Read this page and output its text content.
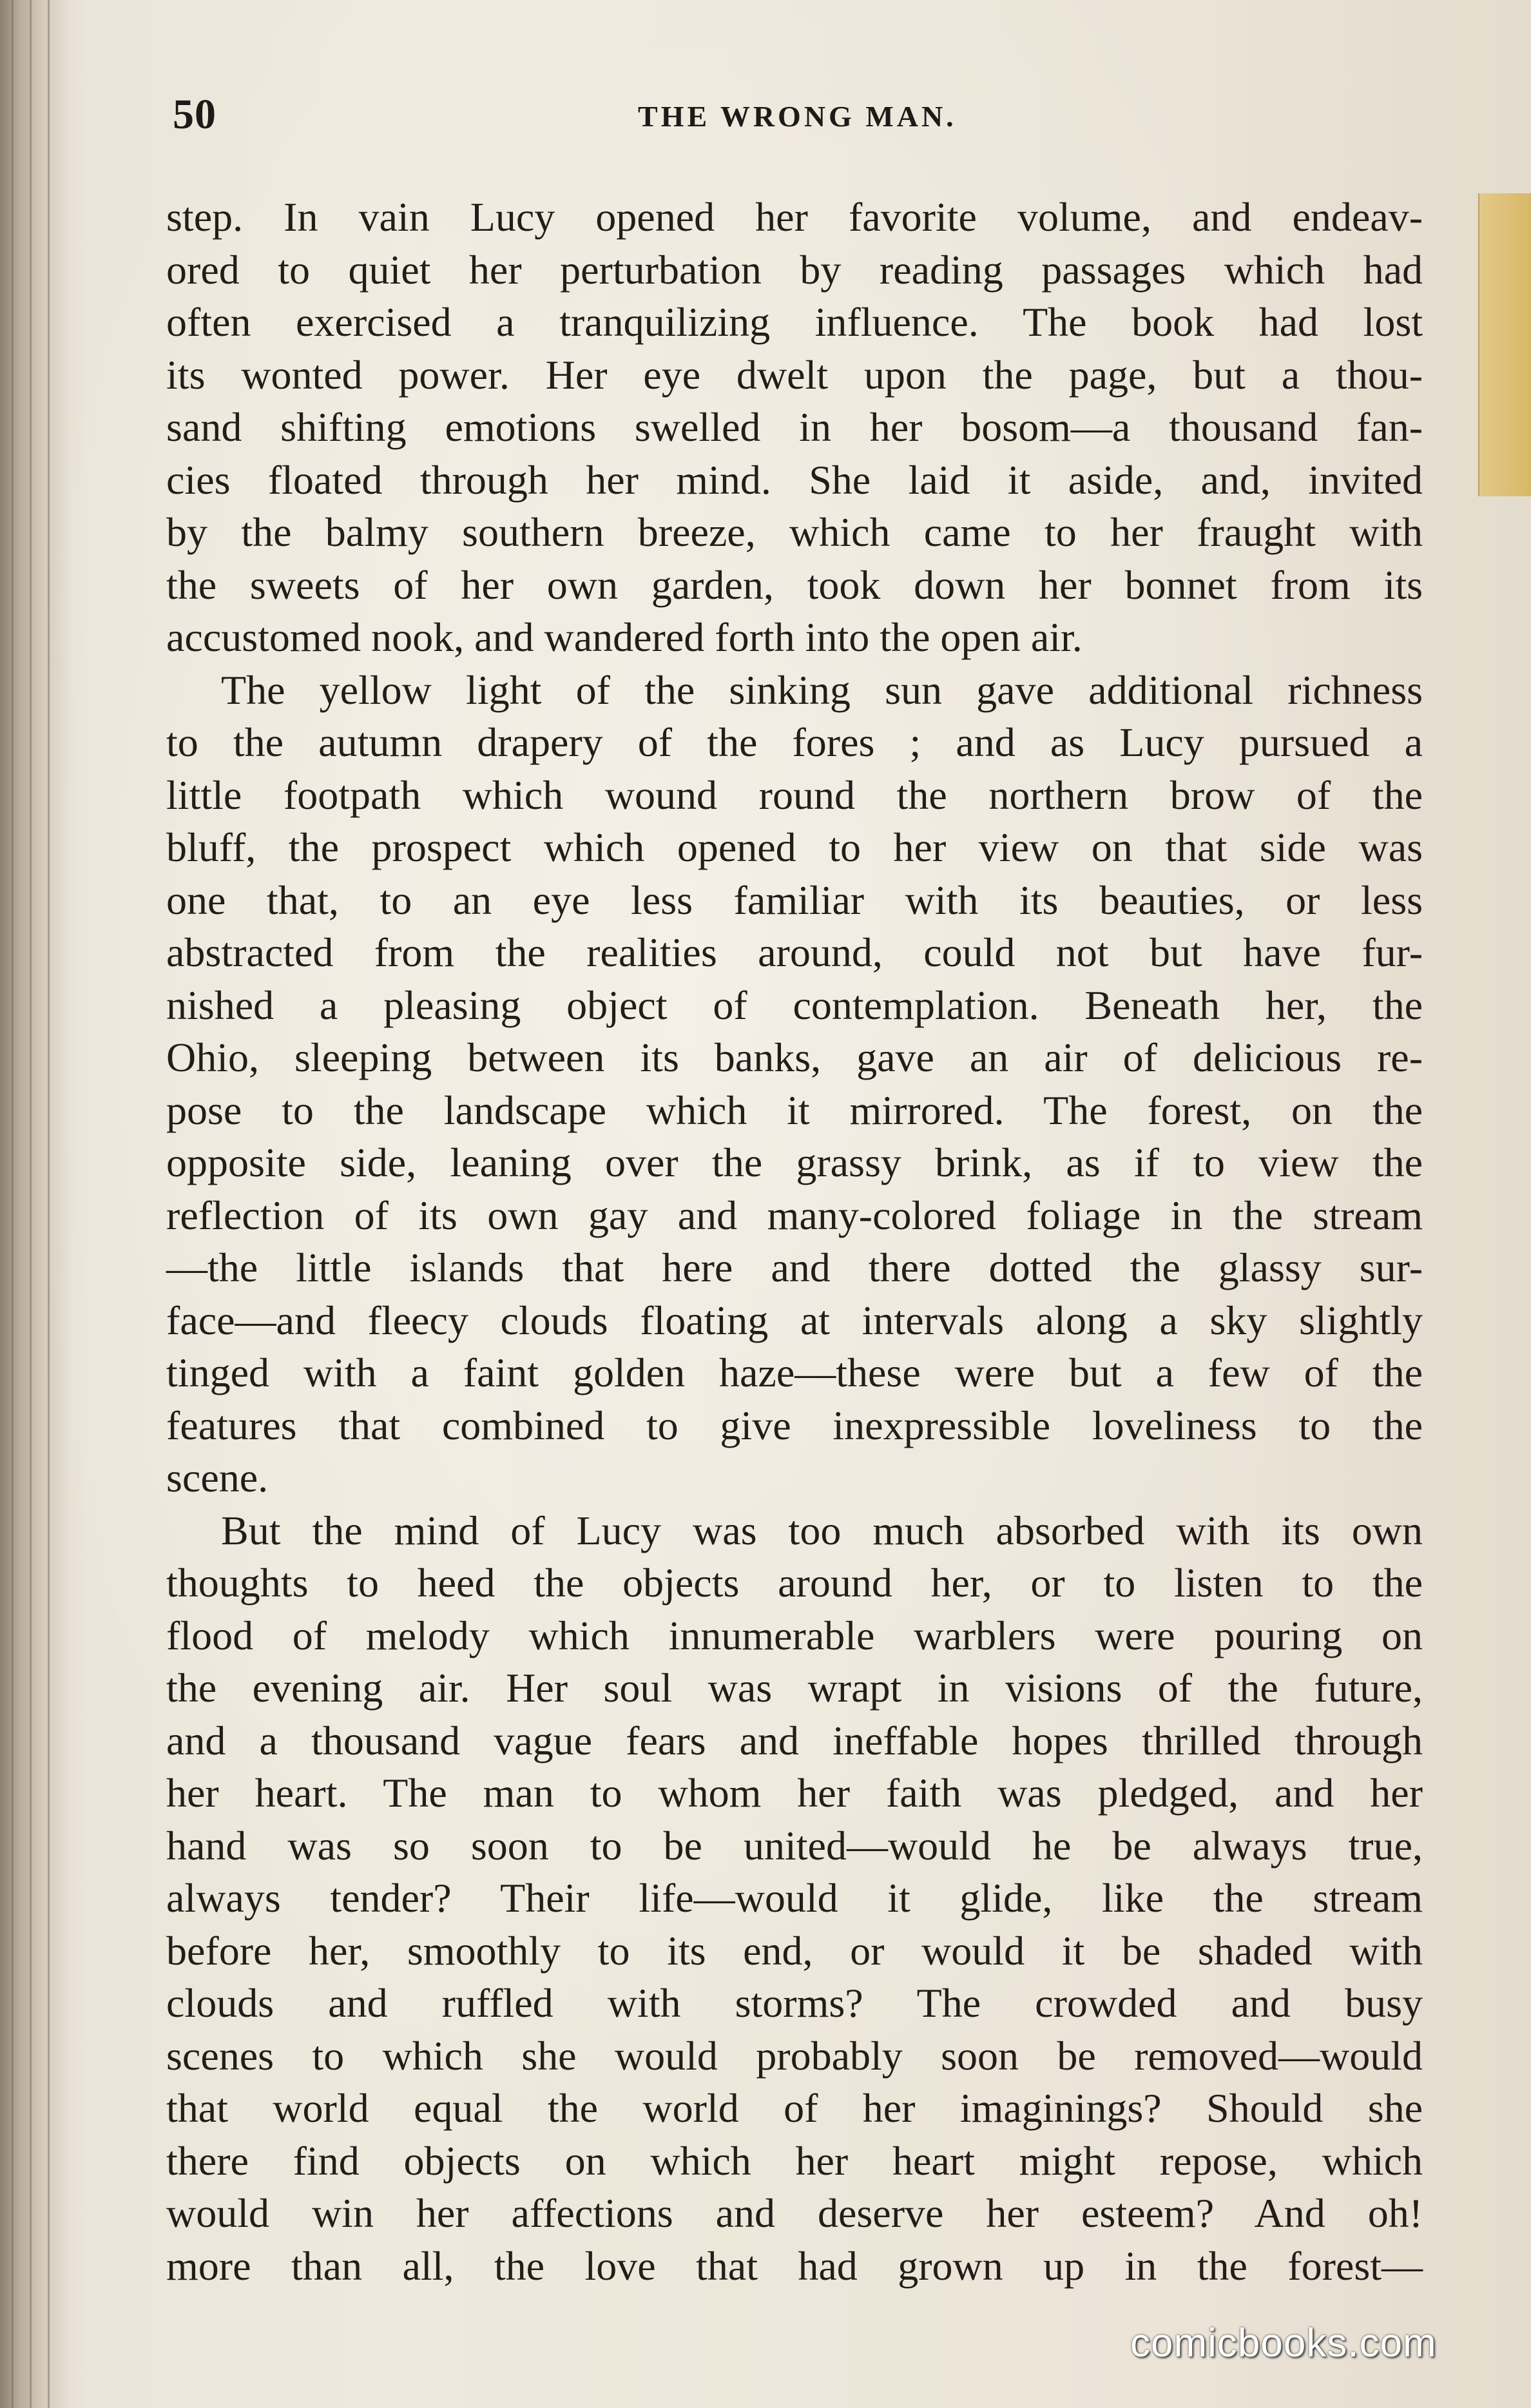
50	THE WRONG MAN.
step. In vain Lucy opened her favorite volume, and endeav-
ored to quiet her perturbation by reading passages which had
often exercised a tranquilizing influence. The book had lost
its wonted power. Her eye dwelt upon the page, but a thou-
sand shifting emotions swelled in her bosom—a thousand fan-
cies floated through her mind. She laid it aside, and, invited
by the balmy southern breeze, which came to her fraught with
the sweets of her own garden, took down her bonnet from its
accustomed nook, and wandered forth into the open air.
The yellow light of the sinking sun gave additional richness
to the autumn drapery of the fores ; and as Lucy pursued a
little footpath which wound round the northern brow of the
bluff, the prospect which opened to her view on that side was
one that, to an eye less familiar with its beauties, or less
abstracted from the realities around, could not but have fur-
nished a pleasing object of contemplation. Beneath her, the
Ohio, sleeping between its banks, gave an air of delicious re-
pose to the landscape which it mirrored. The forest, on the
opposite side, leaning over the grassy brink, as if to view the
reflection of its own gay and many-colored foliage in the stream
—the little islands that here and there dotted the glassy sur-
face—and fleecy clouds floating at intervals along a sky slightly
tinged with a faint golden haze—these were but a few of the
features that combined to give inexpressible loveliness to the
scene.
But the mind of Lucy was too much absorbed with its own
thoughts to heed the objects around her, or to listen to the
flood of melody which innumerable warblers were pouring on
the evening air. Her soul was wrapt in visions of the future,
and a thousand vague fears and ineffable hopes thrilled through
her heart. The man to whom her faith was pledged, and her
hand was so soon to be united—would he be always true,
always tender? Their life—would it glide, like the stream
before her, smoothly to its end, or would it be shaded with
clouds and ruffled with storms? The crowded and busy
scenes to which she would probably soon be removed—would
that world equal the world of her imaginings? Should she
there find objects on which her heart might repose, which
would win her affections and deserve her esteem? And oh!
more than all, the love that had grown up in the forest—
comicbooks.com
